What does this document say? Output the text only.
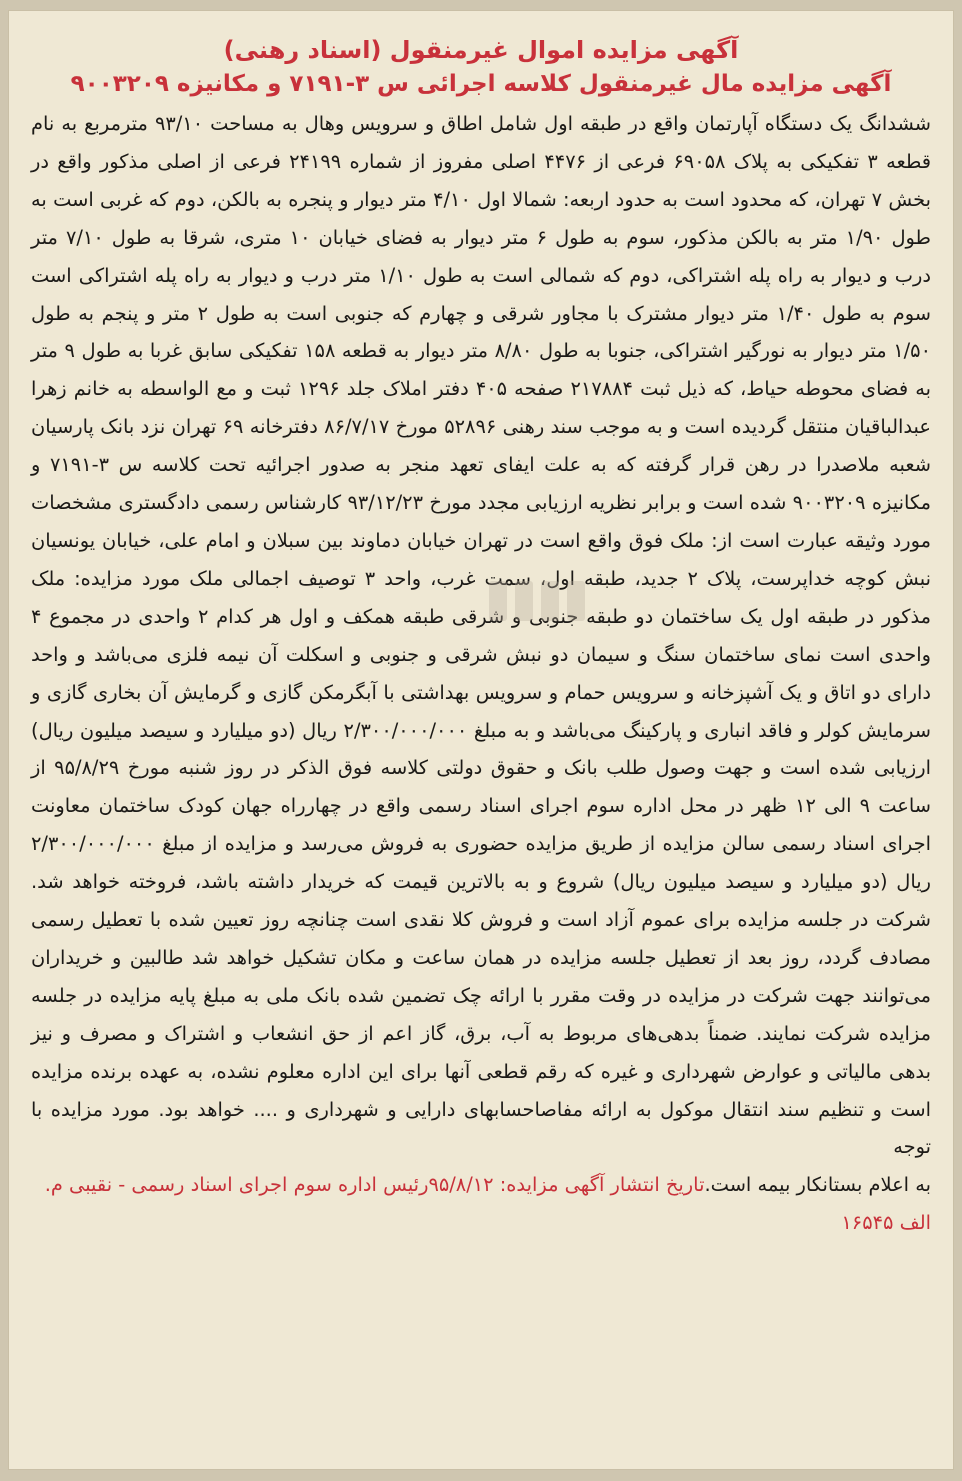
آگهی مزایده اموال غیرمنقول (اسناد رهنی)

آگهی مزایده مال غیرمنقول کلاسه اجرائی س ۳-۷۱۹۱ و مکانیزه ۹۰۰۳۲۰۹

ششدانگ یک دستگاه آپارتمان واقع در طبقه اول شامل اطاق و سرویس وهال به مساحت ۹۳/۱۰ مترمربع به نام قطعه ۳ تفکیکی به پلاک ۶۹۰۵۸ فرعی از ۴۴۷۶ اصلی مفروز از شماره ۲۴۱۹۹ فرعی از اصلی مذکور واقع در بخش ۷ تهران، که محدود است به حدود اربعه: شمالا اول ۴/۱۰ متر دیوار و پنجره به بالکن، دوم که غربی است به طول ۱/۹۰ متر به بالکن مذکور، سوم به طول ۶ متر دیوار به فضای خیابان ۱۰ متری، شرقا به طول ۷/۱۰ متر درب و دیوار به راه پله اشتراکی، دوم که شمالی است به طول ۱/۱۰ متر درب و دیوار به راه پله اشتراکی است سوم به طول ۱/۴۰ متر دیوار مشترک با مجاور شرقی و چهارم که جنوبی است به طول ۲ متر و پنجم به طول ۱/۵۰ متر دیوار به نورگیر اشتراکی، جنوبا به طول ۸/۸۰ متر دیوار به قطعه ۱۵۸ تفکیکی سابق غربا به طول ۹ متر به فضای محوطه حیاط، که ذیل ثبت ۲۱۷۸۸۴ صفحه ۴۰۵ دفتر املاک جلد ۱۲۹۶ ثبت و مع الواسطه به خانم زهرا عبدالباقیان منتقل گردیده است و به موجب سند رهنی ۵۲۸۹۶ مورخ ۸۶/۷/۱۷ دفترخانه ۶۹ تهران نزد بانک پارسیان شعبه ملاصدرا در رهن قرار گرفته که به علت ایفای تعهد منجر به صدور اجرائیه تحت کلاسه س ۳-۷۱۹۱ و مکانیزه ۹۰۰۳۲۰۹ شده است و برابر نظریه ارزیابی مجدد مورخ ۹۳/۱۲/۲۳ کارشناس رسمی دادگستری مشخصات مورد وثیقه عبارت است از: ملک فوق واقع است در تهران خیابان دماوند بین سبلان و امام علی، خیابان یونسیان نبش کوچه خداپرست، پلاک ۲ جدید، طبقه اول، سمت غرب، واحد ۳ توصیف اجمالی ملک مورد مزایده: ملک مذکور در طبقه اول یک ساختمان دو طبقه جنوبی و شرقی طبقه همکف و اول هر کدام ۲ واحدی در مجموع ۴ واحدی است نمای ساختمان سنگ و سیمان دو نبش شرقی و جنوبی و اسکلت آن نیمه فلزی می‌باشد و واحد دارای دو اتاق و یک آشپزخانه و سرویس حمام و سرویس بهداشتی با آبگرمکن گازی و گرمایش آن بخاری گازی و سرمایش کولر و فاقد انباری و پارکینگ می‌باشد و به مبلغ ۲/۳۰۰/۰۰۰/۰۰۰ ریال (دو میلیارد و سیصد میلیون ریال) ارزیابی شده است و جهت وصول طلب بانک و حقوق دولتی کلاسه فوق الذکر در روز شنبه مورخ ۹۵/۸/۲۹ از ساعت ۹ الی ۱۲ ظهر در محل اداره سوم اجرای اسناد رسمی واقع در چهارراه جهان کودک ساختمان معاونت اجرای اسناد رسمی سالن مزایده از طریق مزایده حضوری به فروش می‌رسد و مزایده از مبلغ ۲/۳۰۰/۰۰۰/۰۰۰ ریال (دو میلیارد و سیصد میلیون ریال) شروع و به بالاترین قیمت که خریدار داشته باشد، فروخته خواهد شد. شرکت در جلسه مزایده برای عموم آزاد است و فروش کلا نقدی است چنانچه روز تعیین شده با تعطیل رسمی مصادف گردد، روز بعد از تعطیل جلسه مزایده در همان ساعت و مکان تشکیل خواهد شد طالبین و خریداران می‌توانند جهت شرکت در مزایده در وقت مقرر با ارائه چک تضمین شده بانک ملی به مبلغ پایه مزایده در جلسه مزایده شرکت نمایند. ضمناً بدهی‌های مربوط به آب، برق، گاز اعم از حق انشعاب و اشتراک و مصرف و نیز بدهی مالیاتی و عوارض شهرداری و غیره که رقم قطعی آنها برای این اداره معلوم نشده، به عهده برنده مزایده است و تنظیم سند انتقال موکول به ارائه مفاصاحسابهای دارایی و شهرداری و .... خواهد بود. مورد مزایده با توجه

به اعلام بستانکار بیمه است.تاریخ انتشار آگهی مزایده: ۹۵/۸/۱۲رئیس اداره سوم اجرای اسناد رسمی - نقیبی م. الف ۱۶۵۴۵
